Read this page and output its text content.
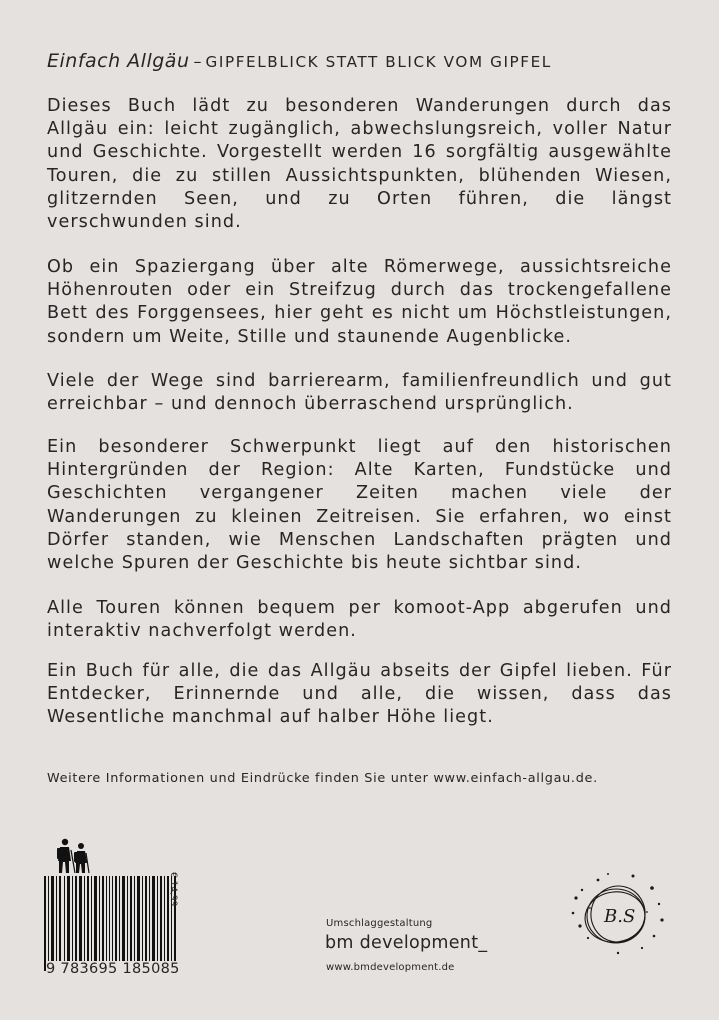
Einfach Allgäu – GIPFELBLICK STATT BLICK VOM GIPFEL

Dieses Buch lädt zu besonderen Wanderungen durch das Allgäu ein: leicht zugänglich, abwechslungsreich, voller Natur und Geschichte. Vorgestellt werden 16 sorgfältig ausgewählte Touren, die zu stillen Aussichtspunkten, blühenden Wiesen, glitzernden Seen, und zu Orten führen, die längst verschwunden sind.

Ob ein Spaziergang über alte Römerwege, aussichtsreiche Höhenrouten oder ein Streifzug durch das trockengefallene Bett des Forggensees, hier geht es nicht um Höchstleistungen, sondern um Weite, Stille und staunende Augenblicke.

Viele der Wege sind barrierearm, familienfreundlich und gut erreichbar – und dennoch überraschend ursprünglich.

Ein besonderer Schwerpunkt liegt auf den historischen Hintergründen der Region: Alte Karten, Fundstücke und Geschichten vergangener Zeiten machen viele der Wanderungen zu kleinen Zeitreisen. Sie erfahren, wo einst Dörfer standen, wie Menschen Landschaften prägten und welche Spuren der Geschichte bis heute sichtbar sind.

Alle Touren können bequem per komoot-App abgerufen und interaktiv nachverfolgt werden.

Ein Buch für alle, die das Allgäu abseits der Gipfel lieben. Für Entdecker, Erinnernde und alle, die wissen, dass das Wesentliche manchmal auf halber Höhe liegt.

Weitere Informationen und Eindrücke finden Sie unter www.einfach-allgau.de.
9 783695 185085
€ 14,99
Umschlaggestaltung
bm development_
www.bmdevelopment.de
B.S
